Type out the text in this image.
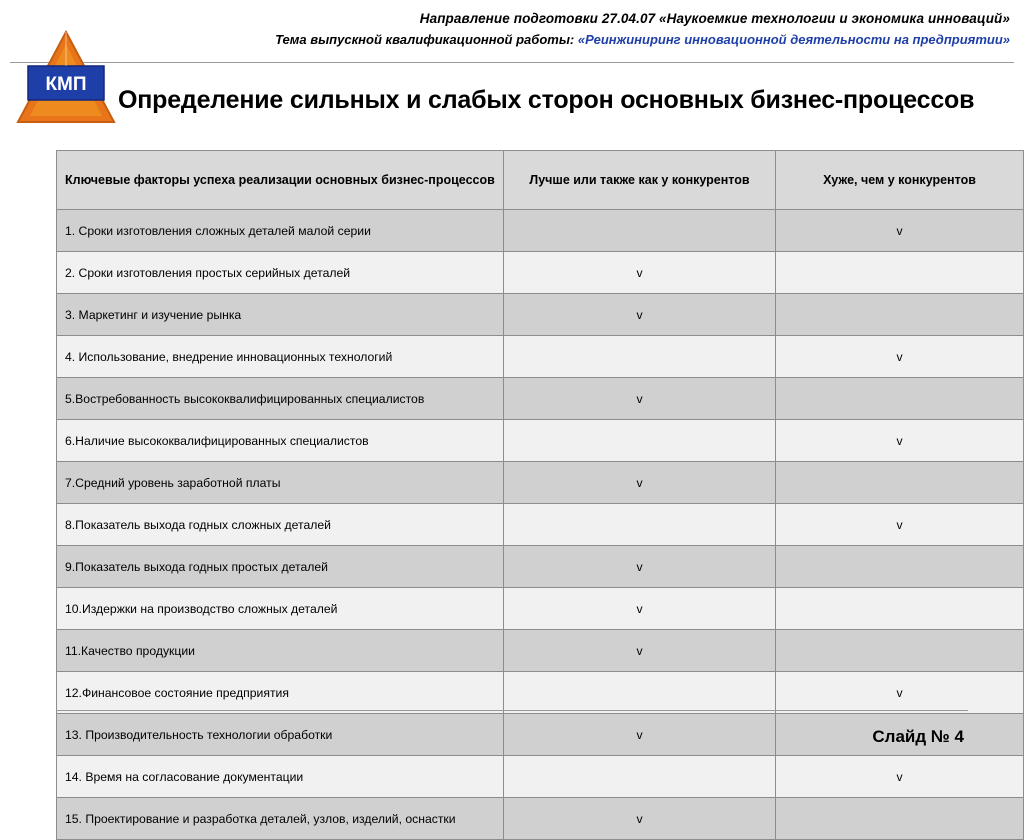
Направление подготовки 27.04.07 «Наукоемкие технологии и экономика инноваций»
Тема выпускной квалификационной работы: «Реинжиниринг инновационной деятельности на предприятии»
КМП
Определение сильных и слабых сторон основных бизнес-процессов
Ключевые факторы успеха реализации основных бизнес-процессов	Лучше или также как у конкурентов	Хуже, чем у конкурентов
1. Сроки изготовления сложных деталей малой серии		v
2. Сроки изготовления простых серийных деталей	v	
3. Маркетинг и изучение рынка	v	
4. Использование, внедрение инновационных технологий		v
5.Востребованность высококвалифицированных специалистов	v	
6.Наличие высококвалифицированных специалистов		v
7.Средний уровень заработной платы	v	
8.Показатель выхода годных сложных деталей		v
9.Показатель выхода годных простых деталей	v	
10.Издержки на производство сложных деталей	v	
11.Качество продукции	v	
12.Финансовое состояние предприятия		v
13. Производительность технологии обработки	v	
14. Время на согласование документации		v
15. Проектирование и разработка деталей, узлов, изделий, оснастки	v	
Слайд № 4
